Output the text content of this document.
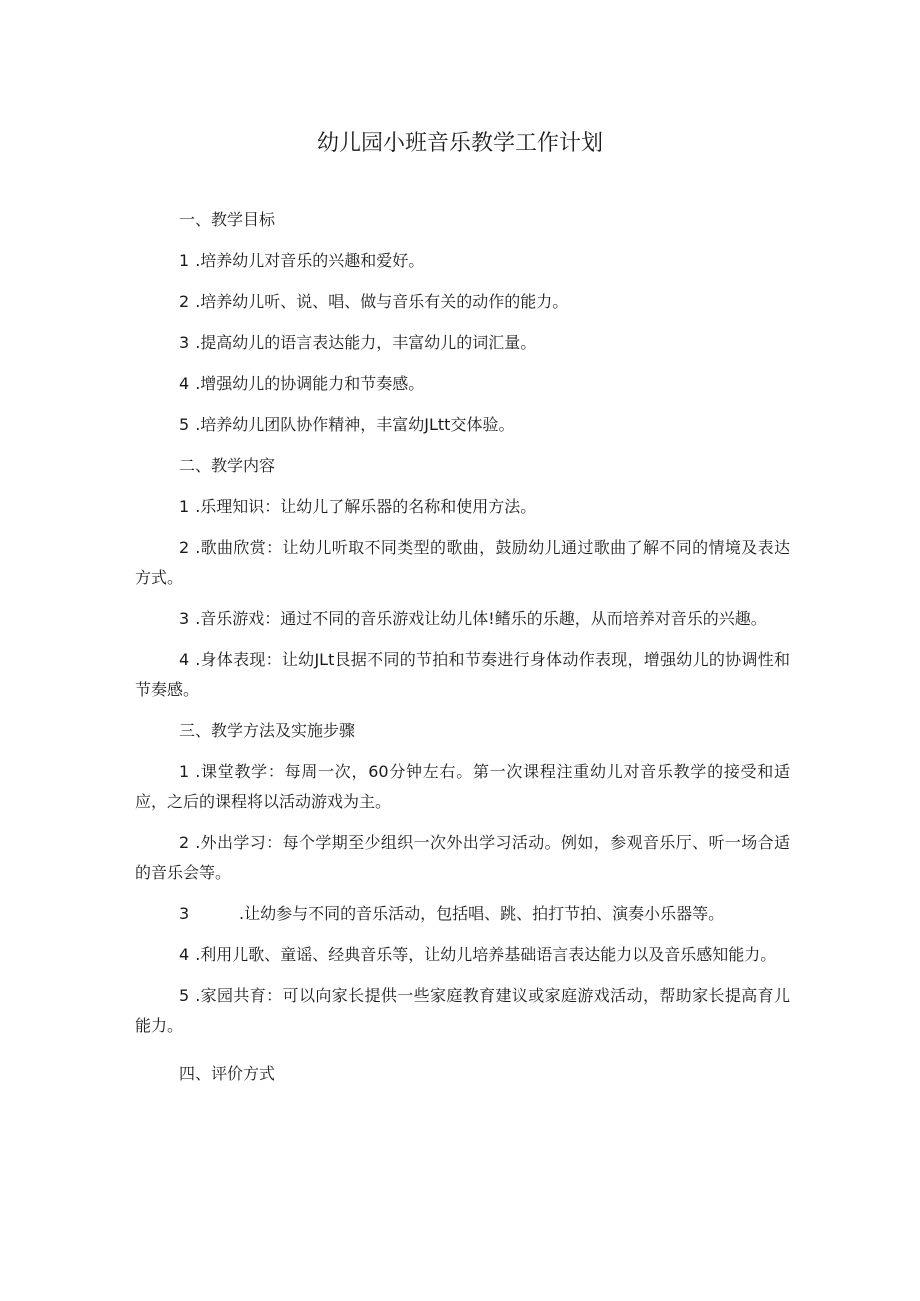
幼儿园小班音乐教学工作计划
一、教学目标

1 .培养幼儿对音乐的兴趣和爱好。

2 .培养幼儿听、说、唱、做与音乐有关的动作的能力。

3 .提高幼儿的语言表达能力，丰富幼儿的词汇量。

4 .增强幼儿的协调能力和节奏感。

5 .培养幼儿团队协作精神，丰富幼JLtt交体验。

二、教学内容

1 .乐理知识：让幼儿了解乐器的名称和使用方法。

2 .歌曲欣赏：让幼儿听取不同类型的歌曲，鼓励幼儿通过歌曲了解不同的情境及表达方式。

3 .音乐游戏：通过不同的音乐游戏让幼儿体!鳍乐的乐趣，从而培养对音乐的兴趣。

4 .身体表现：让幼JLt艮据不同的节拍和节奏进行身体动作表现，增强幼儿的协调性和节奏感。

三、教学方法及实施步骤

1 .课堂教学：每周一次，60分钟左右。第一次课程注重幼儿对音乐教学的接受和适应，之后的课程将以活动游戏为主。

2 .外出学习：每个学期至少组织一次外出学习活动。例如，参观音乐厅、听一场合适的音乐会等。

3	.让幼参与不同的音乐活动，包括唱、跳、拍打节拍、演奏小乐器等。

4 .利用儿歌、童谣、经典音乐等，让幼儿培养基础语言表达能力以及音乐感知能力。

5 .家园共育：可以向家长提供一些家庭教育建议或家庭游戏活动，帮助家长提高育儿能力。

四、评价方式
